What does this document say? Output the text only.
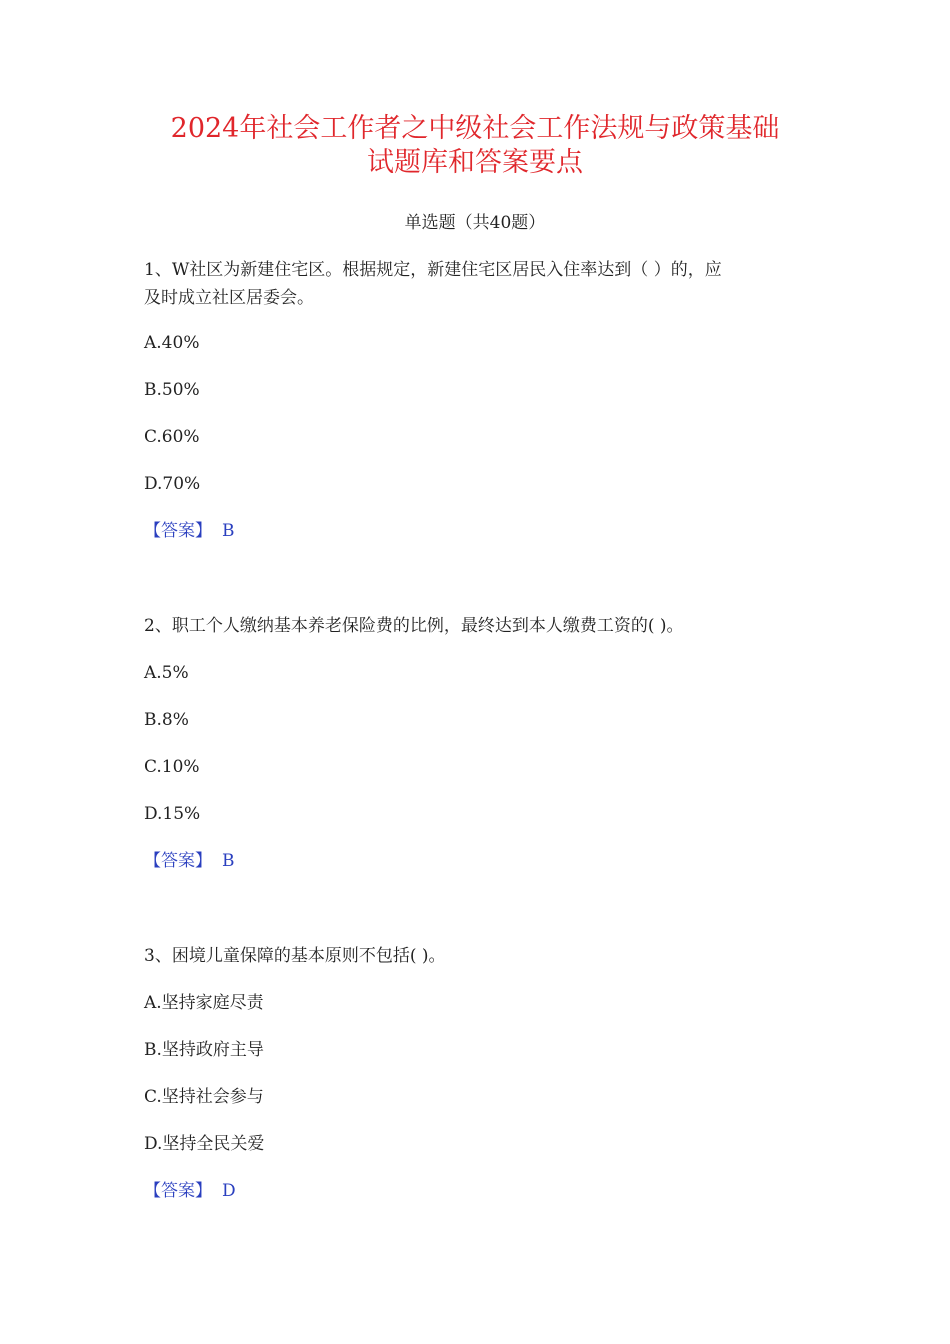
2024年社会工作者之中级社会工作法规与政策基础
试题库和答案要点
单选题（共40题）
1、W社区为新建住宅区。根据规定，新建住宅区居民入住率达到（ ）的，应
及时成立社区居委会。
A.40%
B.50%
C.60%
D.70%
【答案】 B
2、职工个人缴纳基本养老保险费的比例，最终达到本人缴费工资的( )。
A.5%
B.8%
C.10%
D.15%
【答案】 B
3、困境儿童保障的基本原则不包括( )。
A.坚持家庭尽责
B.坚持政府主导
C.坚持社会参与
D.坚持全民关爱
【答案】 D
